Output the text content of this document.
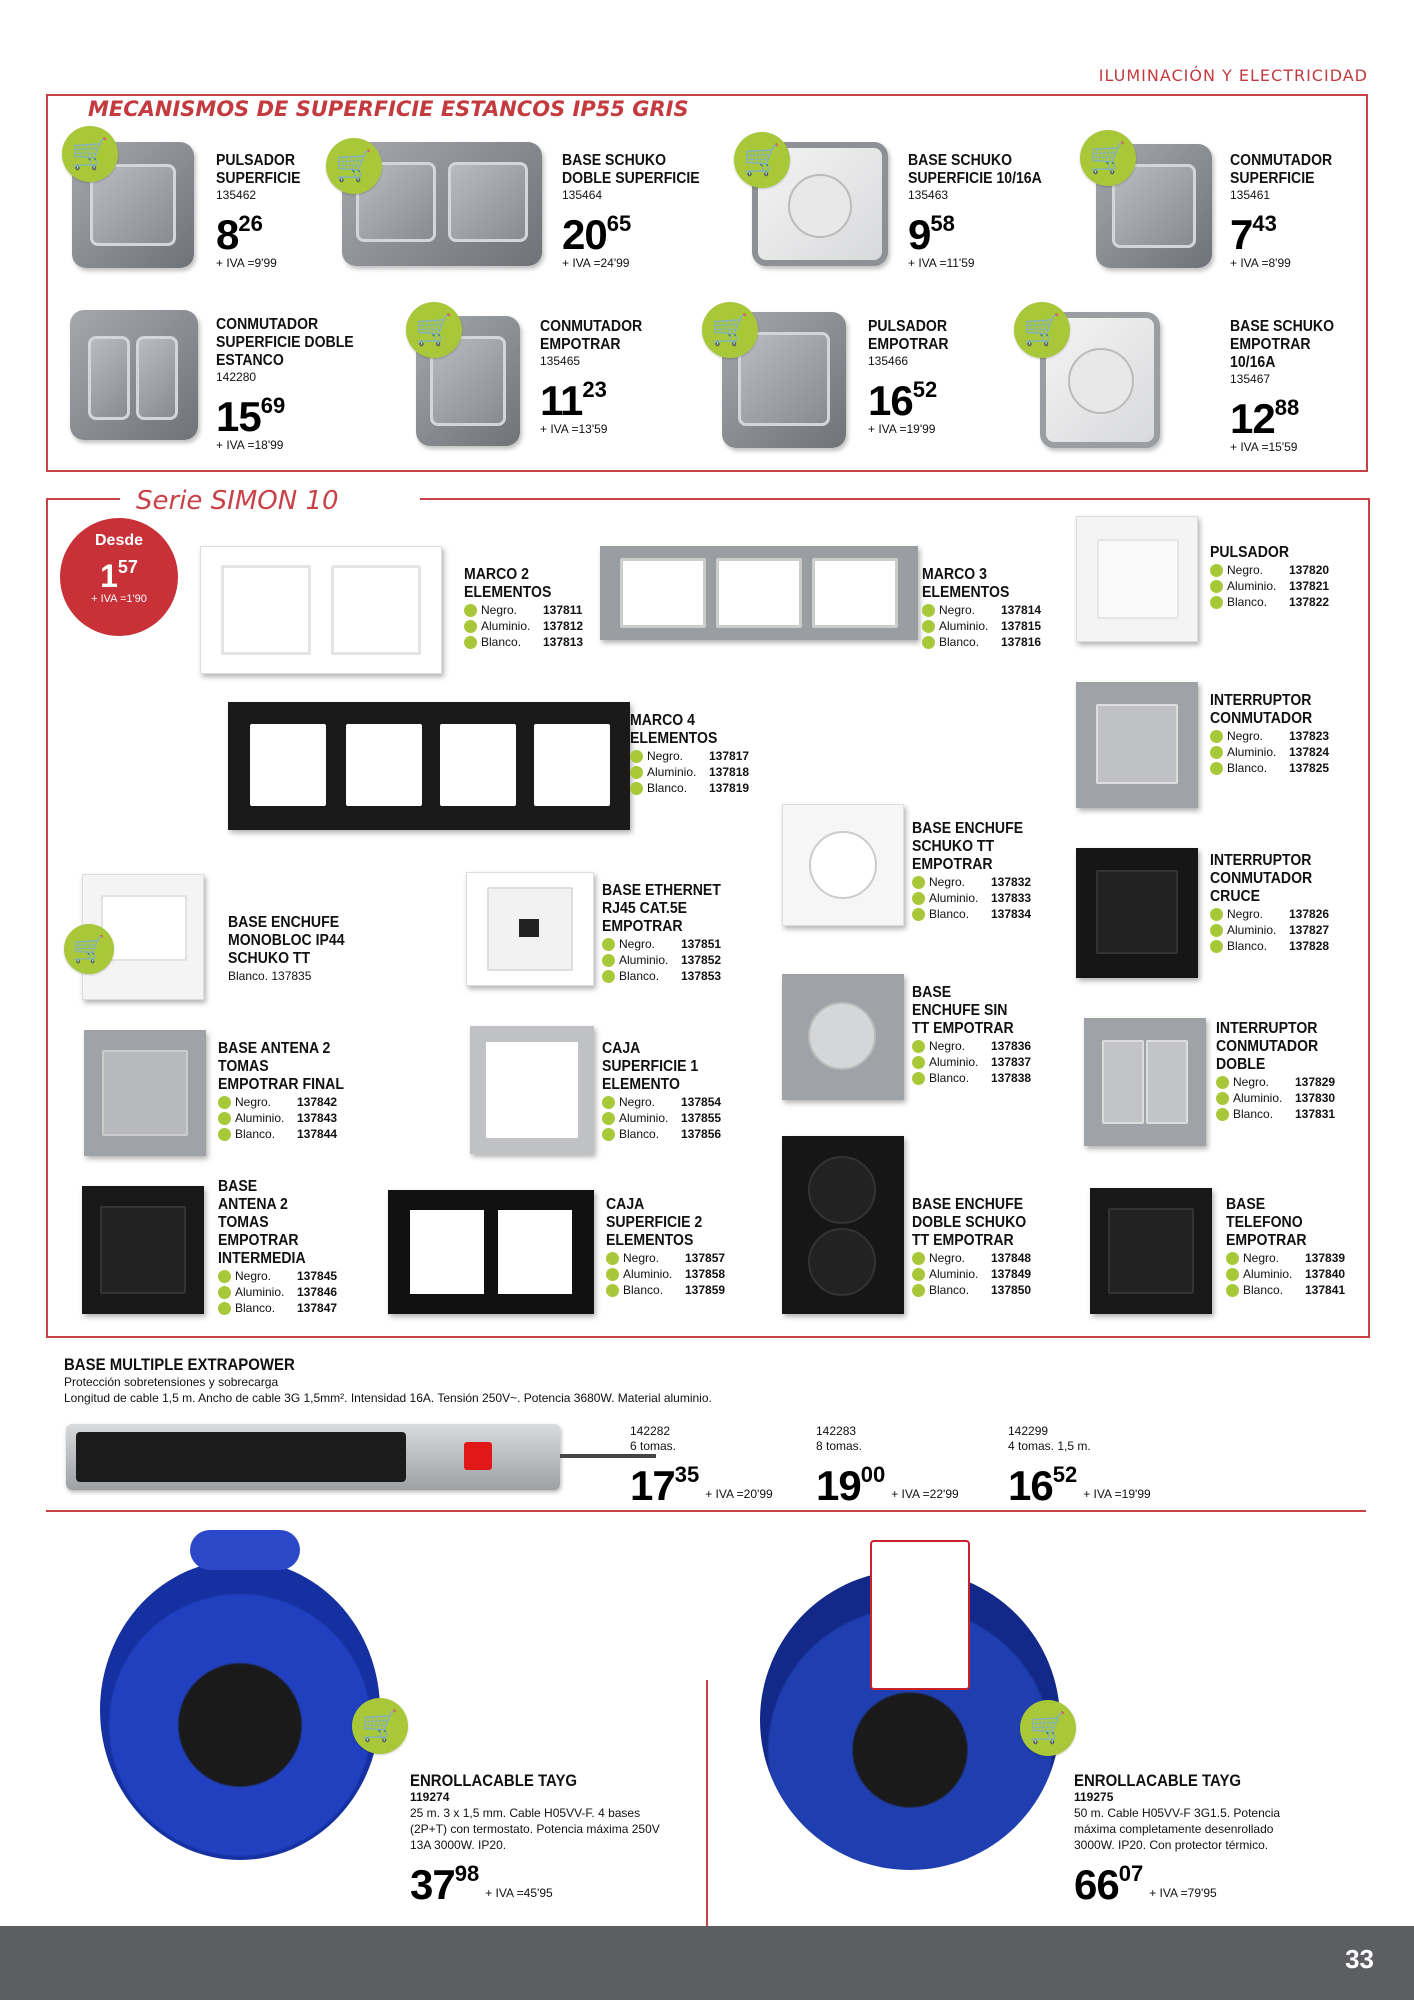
ILUMINACIÓN Y ELECTRICIDAD
MECANISMOS DE SUPERFICIE ESTANCOS IP55 GRIS
🛒	PULSADOR SUPERFICIE
135462
$8^{26}$
+ IVA =9'99
🛒	BASE SCHUKO DOBLE SUPERFICIE
135464
$20^{65}$
+ IVA =24'99
🛒	BASE SCHUKO SUPERFICIE 10/16A
135463
$9^{58}$
+ IVA =11'59
🛒	CONMUTADOR SUPERFICIE
135461
$7^{43}$
+ IVA =8'99
CONMUTADOR SUPERFICIE DOBLE ESTANCO
142280
$15^{69}$
+ IVA =18'99
🛒	CONMUTADOR EMPOTRAR
135465
$11^{23}$
+ IVA =13'59
🛒	PULSADOR EMPOTRAR
135466
$16^{52}$
+ IVA =19'99
🛒	BASE SCHUKO EMPOTRAR 10/16A
135467
$12^{88}$
+ IVA =15'59
Serie SIMON 10
Desde
$1^{57}$
+ IVA =1'90
🛒
MARCO 2 ELEMENTOS
Negro.	137811
Aluminio.	137812
Blanco.	137813
MARCO 3 ELEMENTOS
Negro.	137814
Aluminio.	137815
Blanco.	137816
PULSADOR
Negro.	137820
Aluminio.	137821
Blanco.	137822
MARCO 4 ELEMENTOS
Negro.	137817
Aluminio.	137818
Blanco.	137819
INTERRUPTOR CONMUTADOR
Negro.	137823
Aluminio.	137824
Blanco.	137825
BASE ENCHUFE SCHUKO TT EMPOTRAR
Negro.	137832
Aluminio.	137833
Blanco.	137834
INTERRUPTOR CONMUTADOR CRUCE
Negro.	137826
Aluminio.	137827
Blanco.	137828
BASE ETHERNET RJ45 CAT.5E EMPOTRAR
Negro.	137851
Aluminio.	137852
Blanco.	137853
BASE ENCHUFE MONOBLOC IP44 SCHUKO TT
Blanco. 137835
BASE ENCHUFE SIN TT EMPOTRAR
Negro.	137836
Aluminio.	137837
Blanco.	137838
BASE ANTENA 2 TOMAS EMPOTRAR FINAL
Negro.	137842
Aluminio.	137843
Blanco.	137844
CAJA SUPERFICIE 1 ELEMENTO
Negro.	137854
Aluminio.	137855
Blanco.	137856
INTERRUPTOR CONMUTADOR DOBLE
Negro.	137829
Aluminio.	137830
Blanco.	137831
BASE ANTENA 2 TOMAS EMPOTRAR INTERMEDIA
Negro.	137845
Aluminio.	137846
Blanco.	137847
CAJA SUPERFICIE 2 ELEMENTOS
Negro.	137857
Aluminio.	137858
Blanco.	137859
BASE ENCHUFE DOBLE SCHUKO TT EMPOTRAR
Negro.	137848
Aluminio.	137849
Blanco.	137850
BASE TELEFONO EMPOTRAR
Negro.	137839
Aluminio.	137840
Blanco.	137841
BASE MULTIPLE EXTRAPOWER
Protección sobretensiones y sobrecarga
Longitud de cable 1,5 m. Ancho de cable 3G 1,5mm². Intensidad 16A. Tensión 250V~. Potencia 3680W. Material aluminio.
142282
6 tomas.
$17^{35}$
+ IVA =20'99
142283
8 tomas.
$19^{00}$
+ IVA =22'99
142299
4 tomas. 1,5 m.
$16^{52}$
+ IVA =19'99
🛒
ENROLLACABLE TAYG
119274
25 m. 3 x 1,5 mm. Cable H05VV-F. 4 bases (2P+T) con termostato. Potencia máxima 250V 13A 3000W. IP20.
$37^{98}$
+ IVA =45'95
🛒
ENROLLACABLE TAYG
119275
50 m. Cable H05VV-F 3G1.5. Potencia máxima completamente desenrollado 3000W. IP20. Con protector térmico.
$66^{07}$
+ IVA =79'95
33
